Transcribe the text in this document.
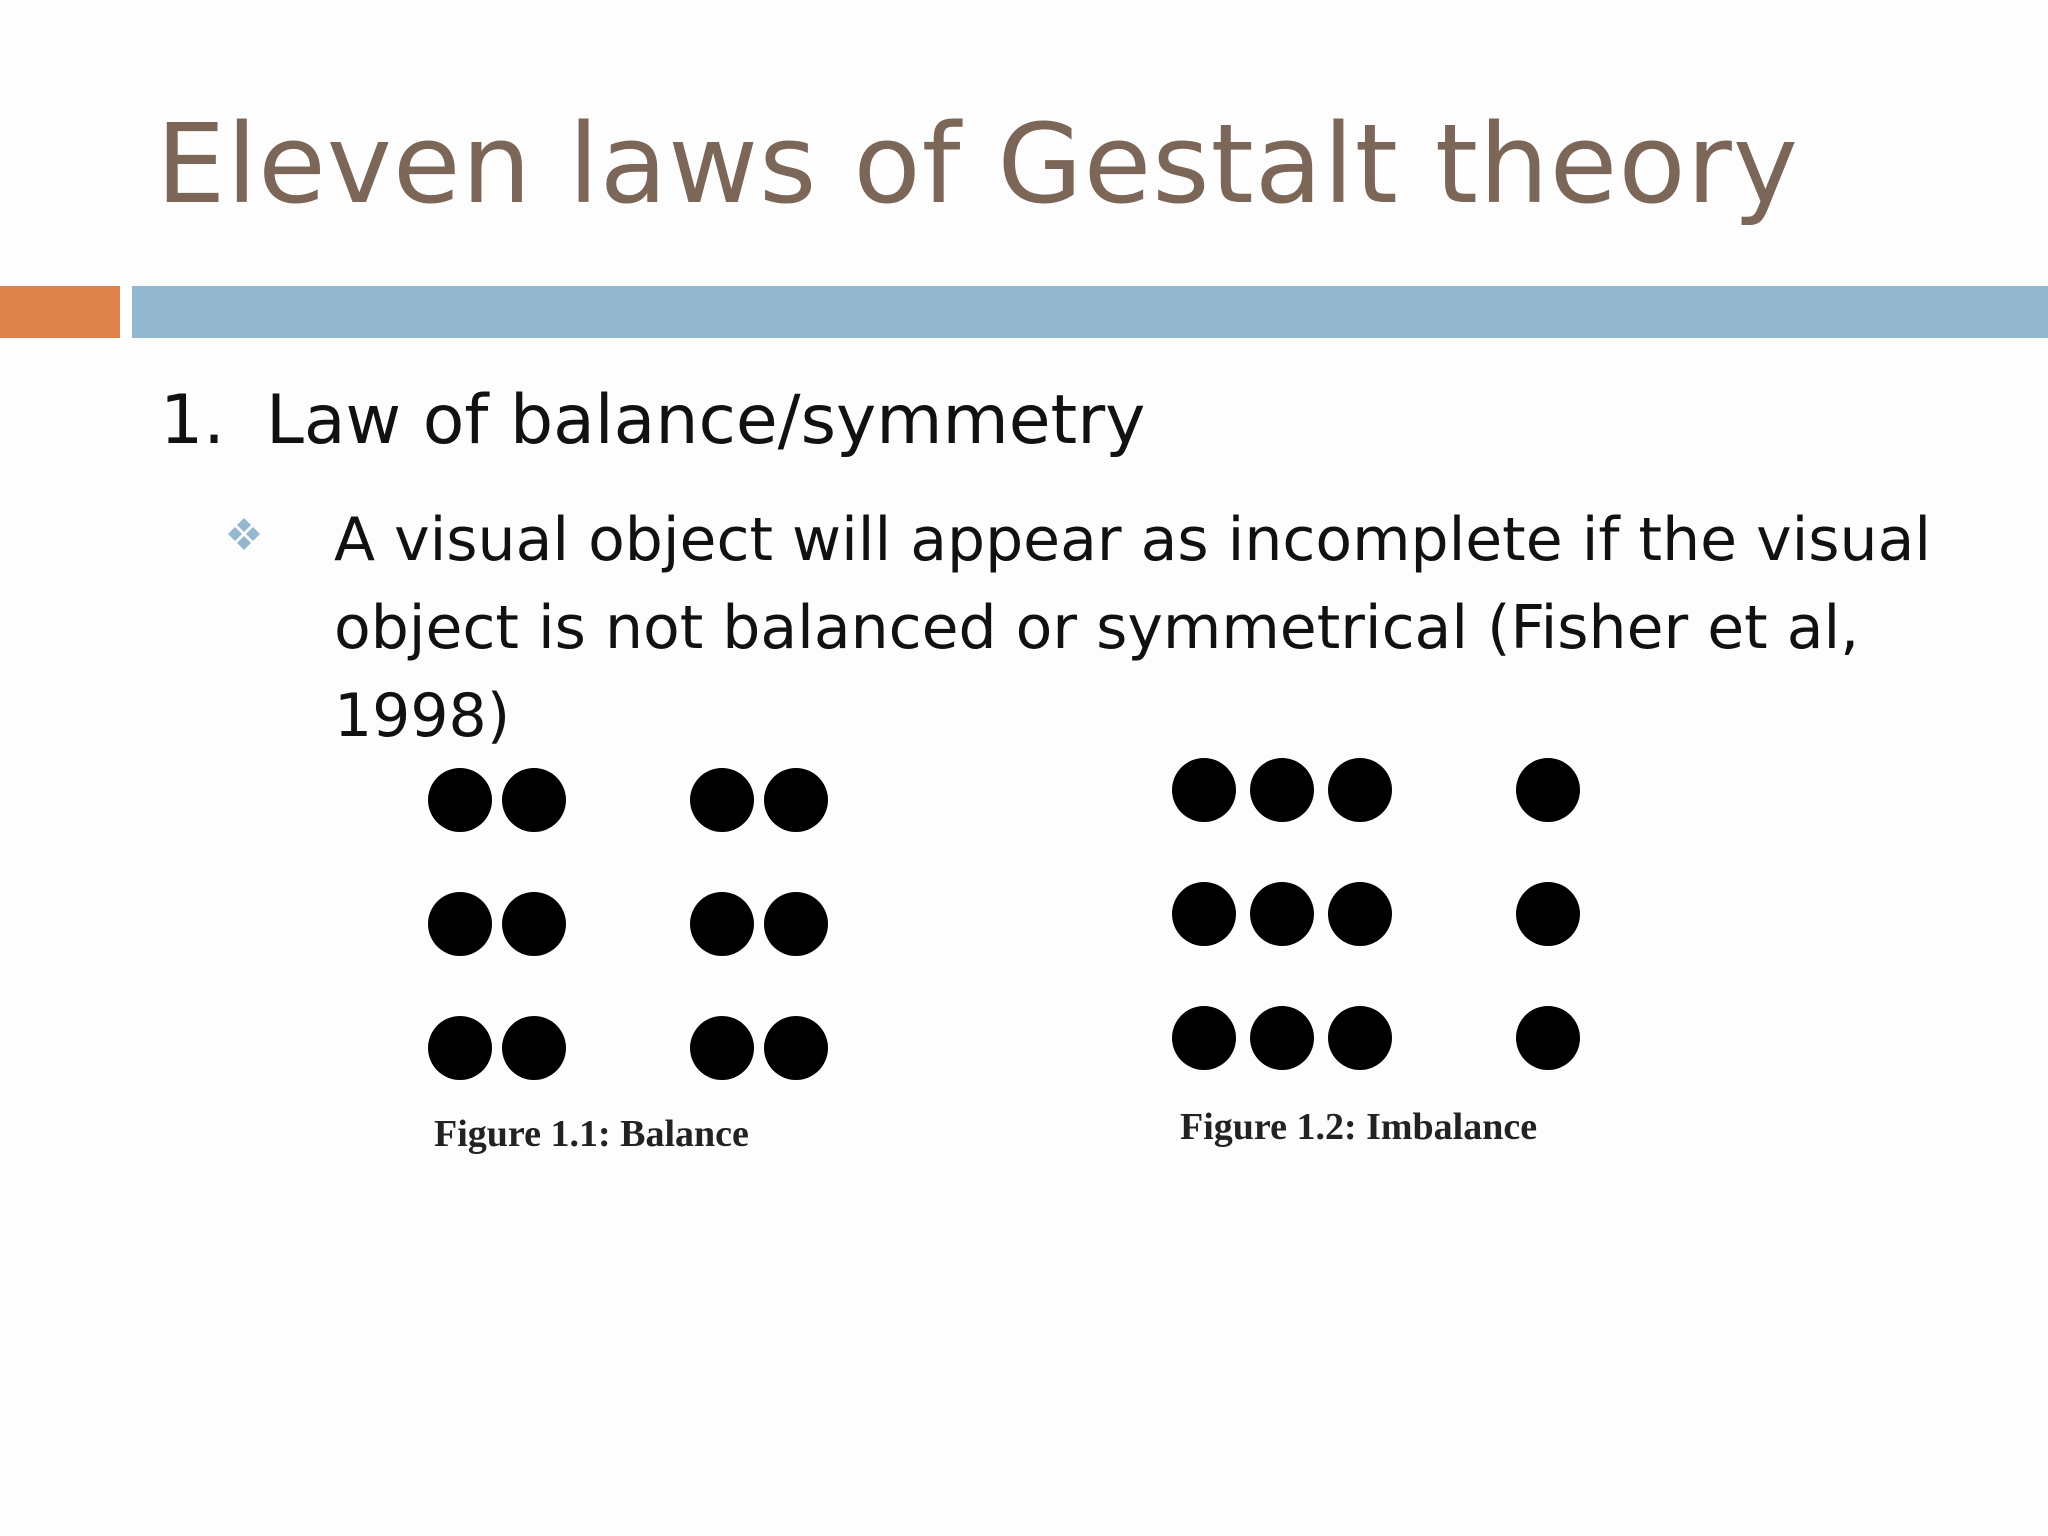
Eleven laws of Gestalt theory
1. Law of balance/symmetry
A visual object will appear as incomplete if the visual object is not balanced or symmetrical (Fisher et al, 1998)
Figure 1.1: Balance	Figure 1.2: Imbalance
